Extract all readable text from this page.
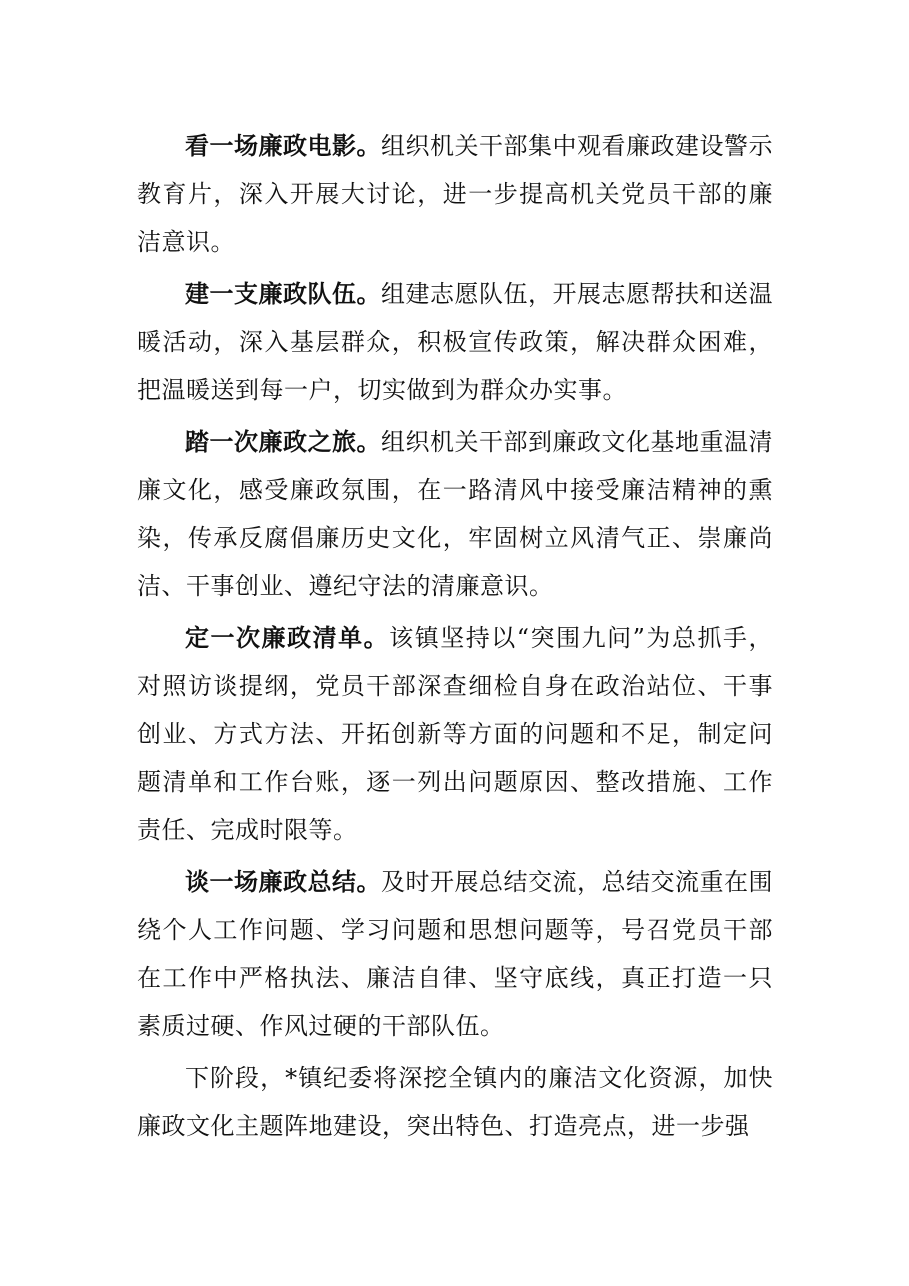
看一场廉政电影。组织机关干部集中观看廉政建设警示教育片，深入开展大讨论，进一步提高机关党员干部的廉洁意识。

建一支廉政队伍。组建志愿队伍，开展志愿帮扶和送温暖活动，深入基层群众，积极宣传政策，解决群众困难，把温暖送到每一户，切实做到为群众办实事。

踏一次廉政之旅。组织机关干部到廉政文化基地重温清廉文化，感受廉政氛围，在一路清风中接受廉洁精神的熏染，传承反腐倡廉历史文化，牢固树立风清气正、崇廉尚洁、干事创业、遵纪守法的清廉意识。

定一次廉政清单。该镇坚持以“突围九问”为总抓手，对照访谈提纲，党员干部深查细检自身在政治站位、干事创业、方式方法、开拓创新等方面的问题和不足，制定问题清单和工作台账，逐一列出问题原因、整改措施、工作责任、完成时限等。

谈一场廉政总结。及时开展总结交流，总结交流重在围绕个人工作问题、学习问题和思想问题等，号召党员干部在工作中严格执法、廉洁自律、坚守底线，真正打造一只素质过硬、作风过硬的干部队伍。

下阶段，*镇纪委将深挖全镇内的廉洁文化资源，加快廉政文化主题阵地建设，突出特色、打造亮点，进一步强
